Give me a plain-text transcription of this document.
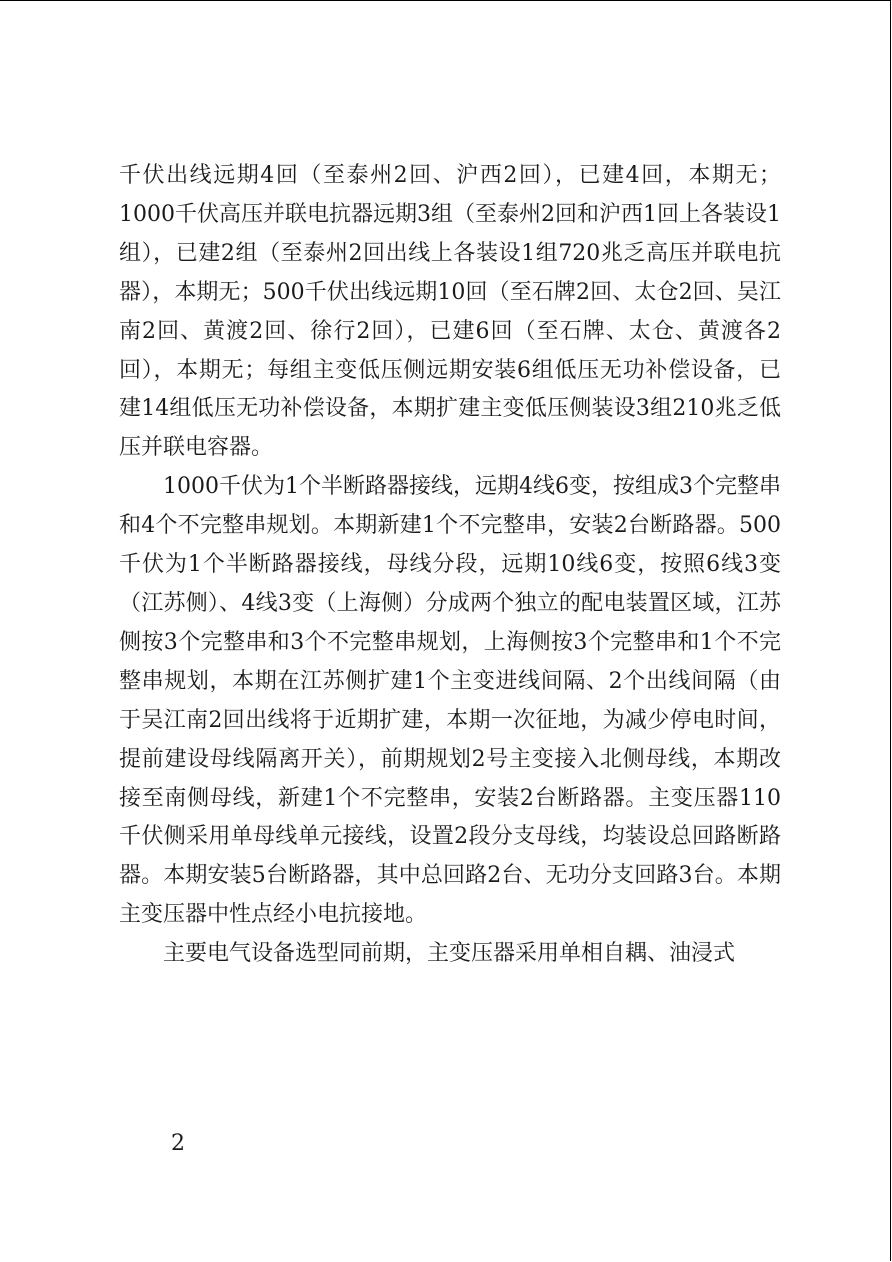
千伏出线远期4回（至泰州2回、沪西2回），已建4回，本期无；1000千伏高压并联电抗器远期3组（至泰州2回和沪西1回上各装设1组），已建2组（至泰州2回出线上各装设1组720兆乏高压并联电抗器），本期无；500千伏出线远期10回（至石牌2回、太仓2回、吴江南2回、黄渡2回、徐行2回），已建6回（至石牌、太仓、黄渡各2回），本期无；每组主变低压侧远期安装6组低压无功补偿设备，已建14组低压无功补偿设备，本期扩建主变低压侧装设3组210兆乏低压并联电容器。

1000千伏为1个半断路器接线，远期4线6变，按组成3个完整串和4个不完整串规划。本期新建1个不完整串，安装2台断路器。500千伏为1个半断路器接线，母线分段，远期10线6变，按照6线3变（江苏侧）、4线3变（上海侧）分成两个独立的配电装置区域，江苏侧按3个完整串和3个不完整串规划，上海侧按3个完整串和1个不完整串规划，本期在江苏侧扩建1个主变进线间隔、2个出线间隔（由于吴江南2回出线将于近期扩建，本期一次征地，为减少停电时间，提前建设母线隔离开关），前期规划2号主变接入北侧母线，本期改接至南侧母线，新建1个不完整串，安装2台断路器。主变压器110千伏侧采用单母线单元接线，设置2段分支母线，均装设总回路断路器。本期安装5台断路器，其中总回路2台、无功分支回路3台。本期主变压器中性点经小电抗接地。

主要电气设备选型同前期，主变压器采用单相自耦、油浸式

2
